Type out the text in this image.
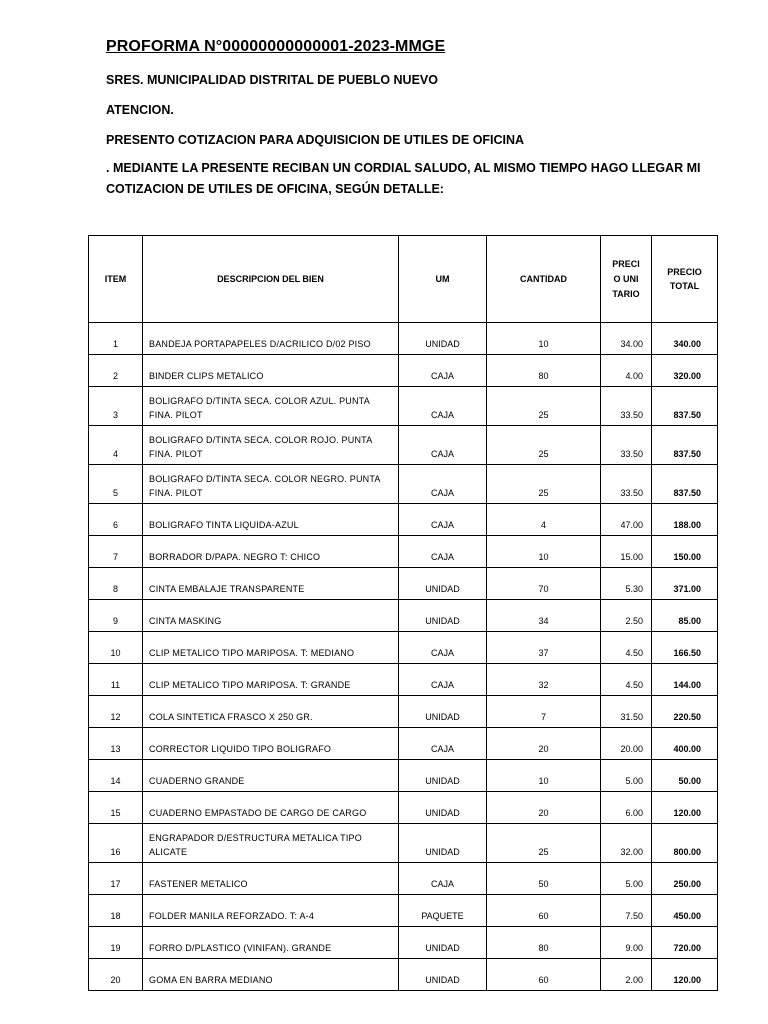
PROFORMA N°00000000000001-2023-MMGE
SRES. MUNICIPALIDAD DISTRITAL DE PUEBLO NUEVO
ATENCION.
PRESENTO COTIZACION PARA ADQUISICION DE UTILES DE OFICINA
. MEDIANTE LA PRESENTE RECIBAN UN CORDIAL SALUDO, AL MISMO TIEMPO HAGO LLEGAR MI
COTIZACION DE UTILES DE OFICINA, SEGÚN DETALLE:
ITEM	DESCRIPCION DEL BIEN	UM	CANTIDAD	PRECIO UNITARIO	PRECIO TOTAL
1	BANDEJA PORTAPAPELES D/ACRILICO D/02 PISO	UNIDAD	10	34.00	340.00
2	BINDER CLIPS METALICO	CAJA	80	4.00	320.00
3	BOLIGRAFO D/TINTA SECA. COLOR AZUL. PUNTA FINA. PILOT	CAJA	25	33.50	837.50
4	BOLIGRAFO D/TINTA SECA. COLOR ROJO. PUNTA FINA. PILOT	CAJA	25	33.50	837.50
5	BOLIGRAFO D/TINTA SECA. COLOR NEGRO. PUNTA FINA. PILOT	CAJA	25	33.50	837.50
6	BOLIGRAFO TINTA LIQUIDA-AZUL	CAJA	4	47.00	188.00
7	BORRADOR D/PAPA. NEGRO T: CHICO	CAJA	10	15.00	150.00
8	CINTA EMBALAJE TRANSPARENTE	UNIDAD	70	5.30	371.00
9	CINTA MASKING	UNIDAD	34	2.50	85.00
10	CLIP METALICO TIPO MARIPOSA. T: MEDIANO	CAJA	37	4.50	166.50
11	CLIP METALICO TIPO MARIPOSA. T: GRANDE	CAJA	32	4.50	144.00
12	COLA SINTETICA FRASCO X 250 GR.	UNIDAD	7	31.50	220.50
13	CORRECTOR LIQUIDO TIPO BOLIGRAFO	CAJA	20	20.00	400.00
14	CUADERNO GRANDE	UNIDAD	10	5.00	50.00
15	CUADERNO EMPASTADO DE CARGO DE CARGO	UNIDAD	20	6.00	120.00
16	ENGRAPADOR D/ESTRUCTURA METALICA TIPO ALICATE	UNIDAD	25	32.00	800.00
17	FASTENER METALICO	CAJA	50	5.00	250.00
18	FOLDER MANILA REFORZADO. T: A-4	PAQUETE	60	7.50	450.00
19	FORRO D/PLASTICO (VINIFAN). GRANDE	UNIDAD	80	9.00	720.00
20	GOMA EN BARRA MEDIANO	UNIDAD	60	2.00	120.00
